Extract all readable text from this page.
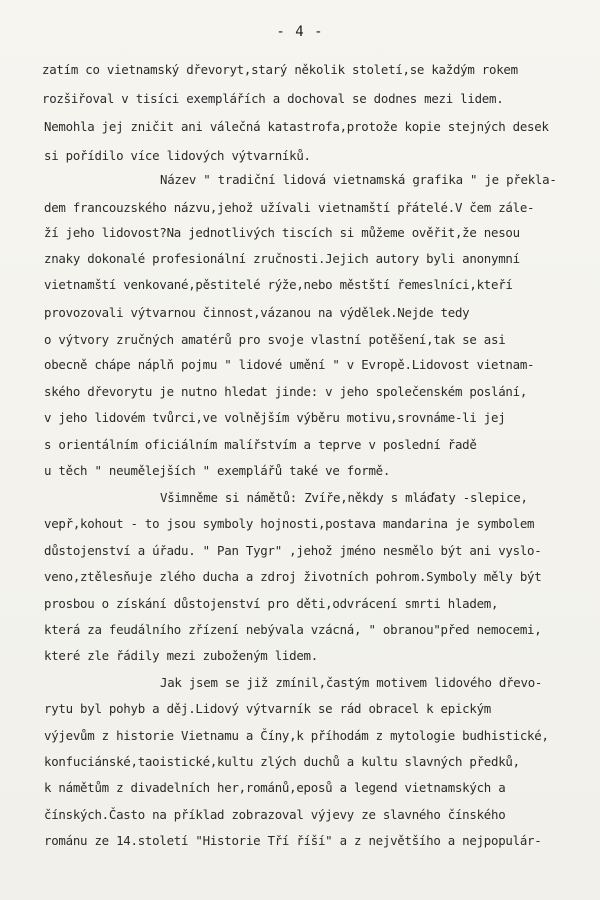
- 4 -
zatím co vietnamský dřevoryt,starý několik století,se každým rokem
rozšiřoval v tisíci exemplářích a dochoval se dodnes mezi lidem.
Nemohla jej zničit ani válečná katastrofa,protože kopie stejných desek
si pořídilo více lidových výtvarníků.
Název " tradiční lidová vietnamská grafika " je překla-
dem francouzského názvu,jehož užívali vietnamští přátelé.V čem zále-
ží jeho lidovost?Na jednotlivých tiscích si můžeme ověřit,že nesou
znaky dokonalé profesionální zručnosti.Jejich autory byli anonymní
vietnamští venkované,pěstitelé rýže,nebo městští řemeslníci,kteří
provozovali výtvarnou činnost,vázanou na výdělek.Nejde tedy
o výtvory zručných amatérů pro svoje vlastní potěšení,tak se asi
obecně chápe náplň pojmu " lidové umění " v Evropě.Lidovost vietnam-
ského dřevorytu je nutno hledat jinde: v jeho společenském poslání,
v jeho lidovém tvůrci,ve volnějším výběru motivu,srovnáme-li jej
s orientálním oficiálním malířstvím a teprve v poslední řadě
u těch " neumělejších " exemplářů také ve formě.
Všimněme si námětů: Zvíře,někdy s mláďaty -slepice,
vepř,kohout - to jsou symboly hojnosti,postava mandarina je symbolem
důstojenství a úřadu. " Pan Tygr" ,jehož jméno nesmělo být ani vyslo-
veno,ztělesňuje zlého ducha a zdroj životních pohrom.Symboly měly být
prosbou o získání důstojenství pro děti,odvrácení smrti hladem,
která za feudálního zřízení nebývala vzácná, " obranou"před nemocemi,
které zle řádily mezi zuboženým lidem.
Jak jsem se již zmínil,častým motivem lidového dřevo-
rytu byl pohyb a děj.Lidový výtvarník se rád obracel k epickým
výjevům z historie Vietnamu a Číny,k příhodám z mytologie budhistické,
konfuciánské,taoistické,kultu zlých duchů a kultu slavných předků,
k námětům z divadelních her,románů,eposů a legend vietnamských a
čínských.Často na příklad zobrazoval výjevy ze slavného čínského
románu ze 14.století "Historie Tří říší" a z největšího a nejpopulár-
